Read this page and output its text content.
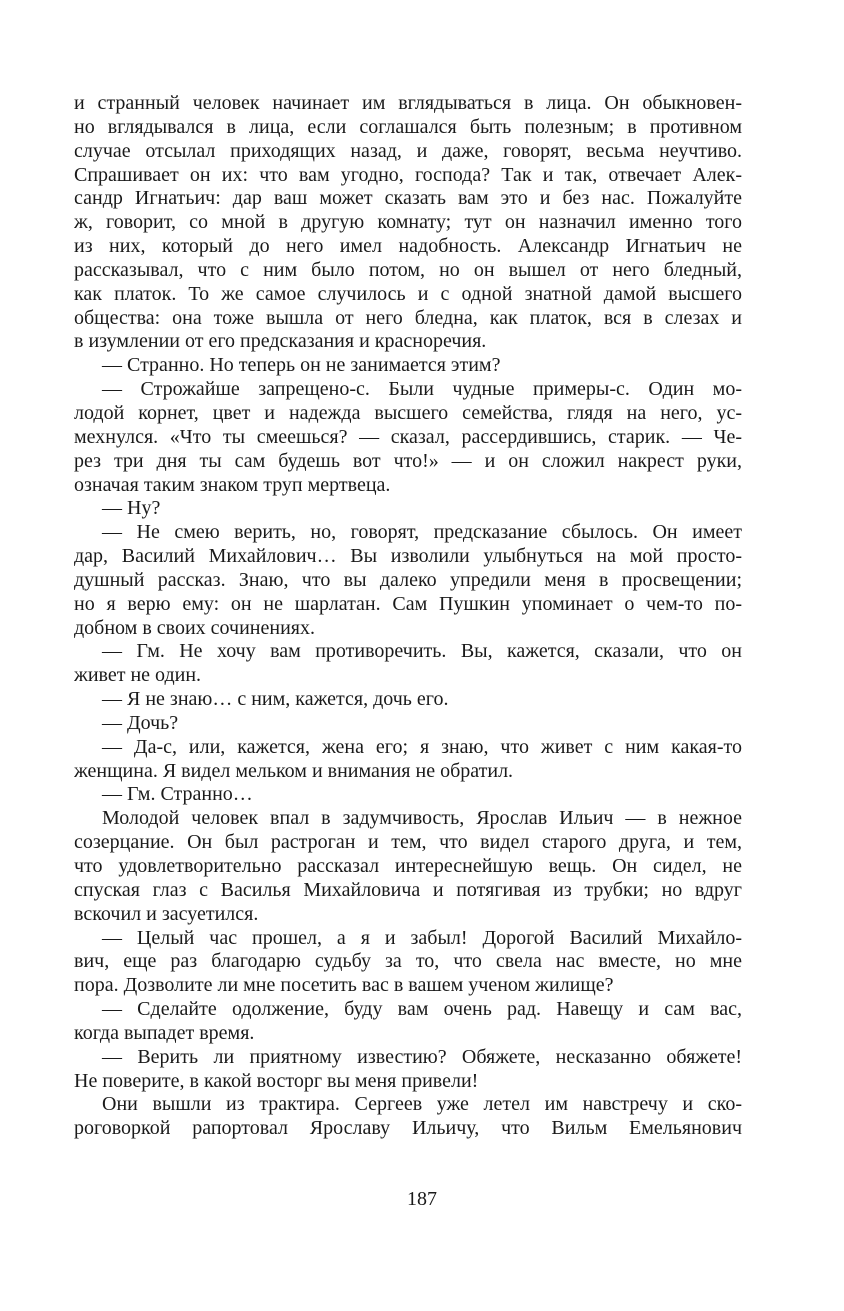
и странный человек начинает им вглядываться в лица. Он обыкновен-
но вглядывался в лица, если соглашался быть полезным; в противном
случае отсылал приходящих назад, и даже, говорят, весьма неучтиво.
Спрашивает он их: что вам угодно, господа? Так и так, отвечает Алек-
сандр Игнатьич: дар ваш может сказать вам это и без нас. Пожалуйте
ж, говорит, со мной в другую комнату; тут он назначил именно того
из них, который до него имел надобность. Александр Игнатьич не
рассказывал, что с ним было потом, но он вышел от него бледный,
как платок. То же самое случилось и с одной знатной дамой высшего
общества: она тоже вышла от него бледна, как платок, вся в слезах и
в изумлении от его предсказания и красноречия.
— Странно. Но теперь он не занимается этим?
— Строжайше запрещено-с. Были чудные примеры-с. Один мо-
лодой корнет, цвет и надежда высшего семейства, глядя на него, ус-
мехнулся. «Что ты смеешься? — сказал, рассердившись, старик. — Че-
рез три дня ты сам будешь вот что!» — и он сложил накрест руки,
означая таким знаком труп мертвеца.
— Ну?
— Не смею верить, но, говорят, предсказание сбылось. Он имеет
дар, Василий Михайлович… Вы изволили улыбнуться на мой просто-
душный рассказ. Знаю, что вы далеко упредили меня в просвещении;
но я верю ему: он не шарлатан. Сам Пушкин упоминает о чем-то по-
добном в своих сочинениях.
— Гм. Не хочу вам противоречить. Вы, кажется, сказали, что он
живет не один.
— Я не знаю… с ним, кажется, дочь его.
— Дочь?
— Да-с, или, кажется, жена его; я знаю, что живет с ним какая-то
женщина. Я видел мельком и внимания не обратил.
— Гм. Странно…
Молодой человек впал в задумчивость, Ярослав Ильич — в нежное
созерцание. Он был растроган и тем, что видел старого друга, и тем,
что удовлетворительно рассказал интереснейшую вещь. Он сидел, не
спуская глаз с Василья Михайловича и потягивая из трубки; но вдруг
вскочил и засуетился.
— Целый час прошел, а я и забыл! Дорогой Василий Михайло-
вич, еще раз благодарю судьбу за то, что свела нас вместе, но мне
пора. Дозволите ли мне посетить вас в вашем ученом жилище?
— Сделайте одолжение, буду вам очень рад. Навещу и сам вас,
когда выпадет время.
— Верить ли приятному известию? Обяжете, несказанно обяжете!
Не поверите, в какой восторг вы меня привели!
Они вышли из трактира. Сергеев уже летел им навстречу и ско-
роговоркой рапортовал Ярославу Ильичу, что Вильм Емельянович
187
